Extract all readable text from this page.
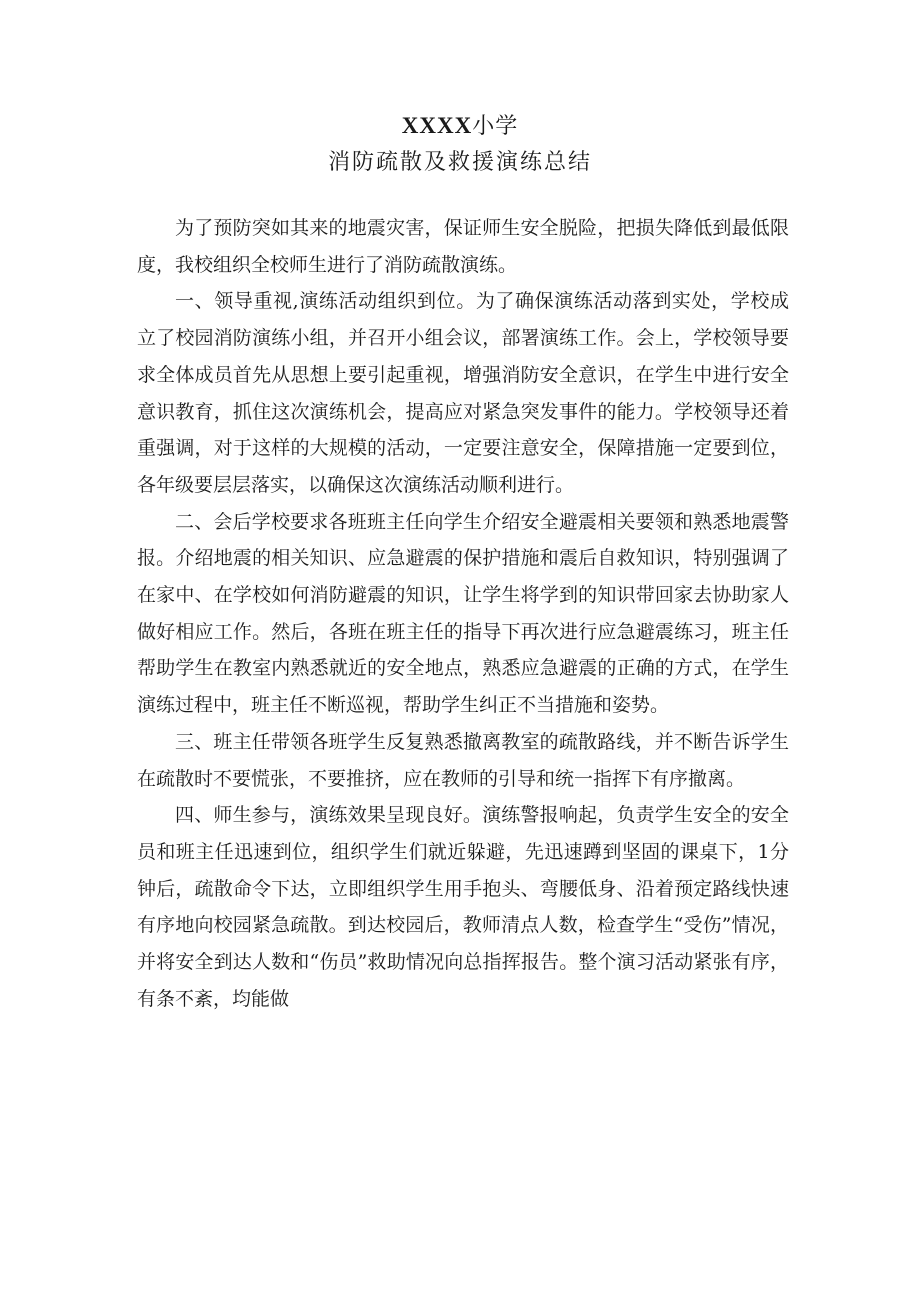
XXXX小学
消防疏散及救援演练总结

为了预防突如其来的地震灾害，保证师生安全脱险，把损失降低到最低限度，我校组织全校师生进行了消防疏散演练。

一、领导重视,演练活动组织到位。为了确保演练活动落到实处，学校成立了校园消防演练小组，并召开小组会议，部署演练工作。会上，学校领导要求全体成员首先从思想上要引起重视，增强消防安全意识，在学生中进行安全意识教育，抓住这次演练机会，提高应对紧急突发事件的能力。学校领导还着重强调，对于这样的大规模的活动，一定要注意安全，保障措施一定要到位，各年级要层层落实，以确保这次演练活动顺利进行。

二、会后学校要求各班班主任向学生介绍安全避震相关要领和熟悉地震警报。介绍地震的相关知识、应急避震的保护措施和震后自救知识，特别强调了在家中、在学校如何消防避震的知识，让学生将学到的知识带回家去协助家人做好相应工作。然后，各班在班主任的指导下再次进行应急避震练习，班主任帮助学生在教室内熟悉就近的安全地点，熟悉应急避震的正确的方式，在学生演练过程中，班主任不断巡视，帮助学生纠正不当措施和姿势。

三、班主任带领各班学生反复熟悉撤离教室的疏散路线，并不断告诉学生在疏散时不要慌张，不要推挤，应在教师的引导和统一指挥下有序撤离。

四、师生参与，演练效果呈现良好。演练警报响起，负责学生安全的安全员和班主任迅速到位，组织学生们就近躲避，先迅速蹲到坚固的课桌下，1分钟后，疏散命令下达，立即组织学生用手抱头、弯腰低身、沿着预定路线快速有序地向校园紧急疏散。到达校园后，教师清点人数，检查学生“受伤”情况，并将安全到达人数和“伤员”救助情况向总指挥报告。整个演习活动紧张有序，有条不紊，均能做
